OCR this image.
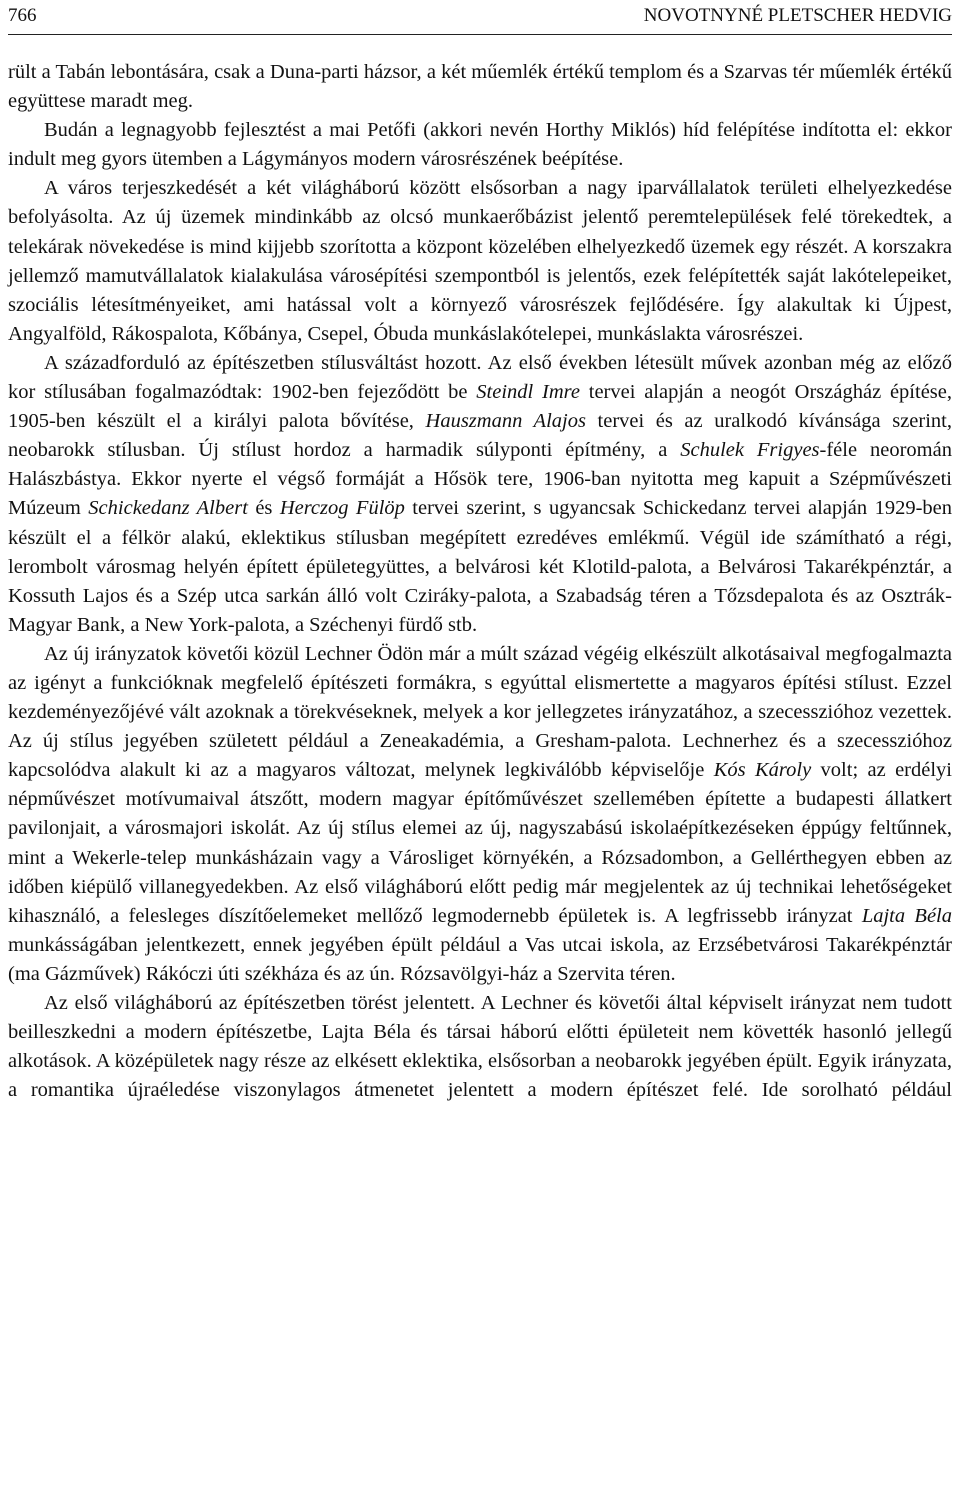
766	NOVOTNYNÉ PLETSCHER HEDVIG

rült a Tabán lebontására, csak a Duna-parti házsor, a két műemlék értékű templom és a Szarvas tér műemlék értékű együttese maradt meg.

Budán a legnagyobb fejlesztést a mai Petőfi (akkori nevén Horthy Miklós) híd felépítése indította el: ekkor indult meg gyors ütemben a Lágymányos modern városrészének beépítése.

A város terjeszkedését a két világháború között elsősorban a nagy iparvállalatok területi elhelyezkedése befolyásolta. Az új üzemek mindinkább az olcsó munkaerőbázist jelentő peremtelepülések felé törekedtek, a telekárak növekedése is mind kijjebb szorította a központ közelében elhelyezkedő üzemek egy részét. A korszakra jellemző mamutvállalatok kialakulása városépítési szempontból is jelentős, ezek felépítették saját lakótelepeiket, szociális létesítményeiket, ami hatással volt a környező városrészek fejlődésére. Így alakultak ki Újpest, Angyalföld, Rákospalota, Kőbánya, Csepel, Óbuda munkáslakótelepei, munkáslakta városrészei.

A századforduló az építészetben stílusváltást hozott. Az első években létesült művek azonban még az előző kor stílusában fogalmazódtak: 1902-ben fejeződött be Steindl Imre tervei alapján a neogót Országház építése, 1905-ben készült el a királyi palota bővítése, Hauszmann Alajos tervei és az uralkodó kívánsága szerint, neobarokk stílusban. Új stílust hordoz a harmadik súlyponti építmény, a Schulek Frigyes-féle neoromán Halászbástya. Ekkor nyerte el végső formáját a Hősök tere, 1906-ban nyitotta meg kapuit a Szépművészeti Múzeum Schickedanz Albert és Herczog Fülöp tervei szerint, s ugyancsak Schickedanz tervei alapján 1929-ben készült el a félkör alakú, eklektikus stílusban megépített ezredéves emlékmű. Végül ide számítható a régi, lerombolt városmag helyén épített épületegyüttes, a belvárosi két Klotild-palota, a Belvárosi Takarékpénztár, a Kossuth Lajos és a Szép utca sarkán álló volt Cziráky-palota, a Szabadság téren a Tőzsdepalota és az Osztrák-Magyar Bank, a New York-palota, a Széchenyi fürdő stb.

Az új irányzatok követői közül Lechner Ödön már a múlt század végéig elkészült alkotásaival megfogalmazta az igényt a funkcióknak megfelelő építészeti formákra, s egyúttal elismertette a magyaros építési stílust. Ezzel kezdeményezőjévé vált azoknak a törekvéseknek, melyek a kor jellegzetes irányzatához, a szecesszióhoz vezettek. Az új stílus jegyében született például a Zeneakadémia, a Gresham-palota. Lechnerhez és a szecesszióhoz kapcsolódva alakult ki az a magyaros változat, melynek legkiválóbb képviselője Kós Károly volt; az erdélyi népművészet motívumaival átszőtt, modern magyar építőművészet szellemében építette a budapesti állatkert pavilonjait, a városmajori iskolát. Az új stílus elemei az új, nagyszabású iskolaépítkezéseken éppúgy feltűnnek, mint a Wekerle-telep munkásházain vagy a Városliget környékén, a Rózsadombon, a Gellérthegyen ebben az időben kiépülő villanegyedekben. Az első világháború előtt pedig már megjelentek az új technikai lehetőségeket kihasználó, a felesleges díszítőelemeket mellőző legmodernebb épületek is. A legfrissebb irányzat Lajta Béla munkásságában jelentkezett, ennek jegyében épült például a Vas utcai iskola, az Erzsébetvárosi Takarékpénztár (ma Gázművek) Rákóczi úti székháza és az ún. Rózsavölgyi-ház a Szervita téren.

Az első világháború az építészetben törést jelentett. A Lechner és követői által képviselt irányzat nem tudott beilleszkedni a modern építészetbe, Lajta Béla és társai háború előtti épületeit nem követték hasonló jellegű alkotások. A középületek nagy része az elkésett eklektika, elsősorban a neobarokk jegyében épült. Egyik irányzata, a romantika újraéledése viszonylagos átmenetet jelentett a modern építészet felé. Ide sorolható például
